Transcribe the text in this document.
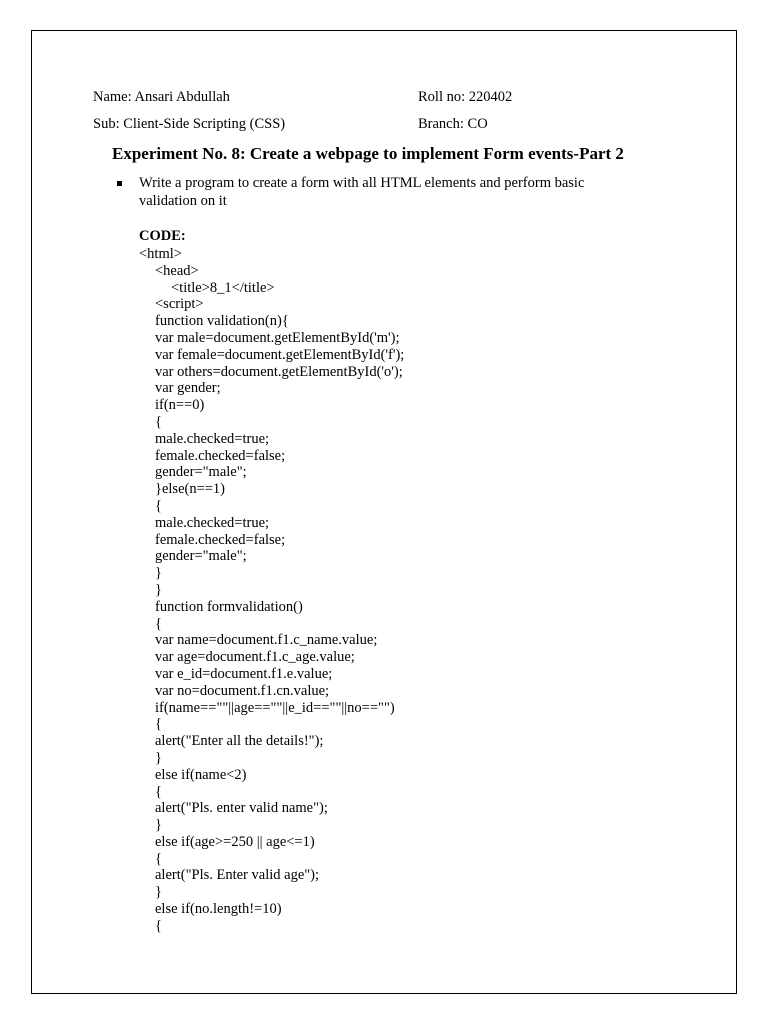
Name: Ansari Abdullah	Roll no: 220402
Sub: Client-Side Scripting (CSS)	Branch: CO
Experiment No. 8: Create a webpage to implement Form events-Part 2
Write a program to create a form with all HTML elements and perform basic
validation on it
CODE:
<html>
<head>
<title>8_1</title>
<script>
function validation(n){
var male=document.getElementById('m');
var female=document.getElementById('f');
var others=document.getElementById('o');
var gender;
if(n==0)
{
male.checked=true;
female.checked=false;
gender="male";
}else(n==1)
{
male.checked=true;
female.checked=false;
gender="male";
}
}
function formvalidation()
{
var name=document.f1.c_name.value;
var age=document.f1.c_age.value;
var e_id=document.f1.e.value;
var no=document.f1.cn.value;
if(name==""||age==""||e_id==""||no=="")
{
alert("Enter all the details!");
}
else if(name<2)
{
alert("Pls. enter valid name");
}
else if(age>=250 || age<=1)
{
alert("Pls. Enter valid age");
}
else if(no.length!=10)
{
